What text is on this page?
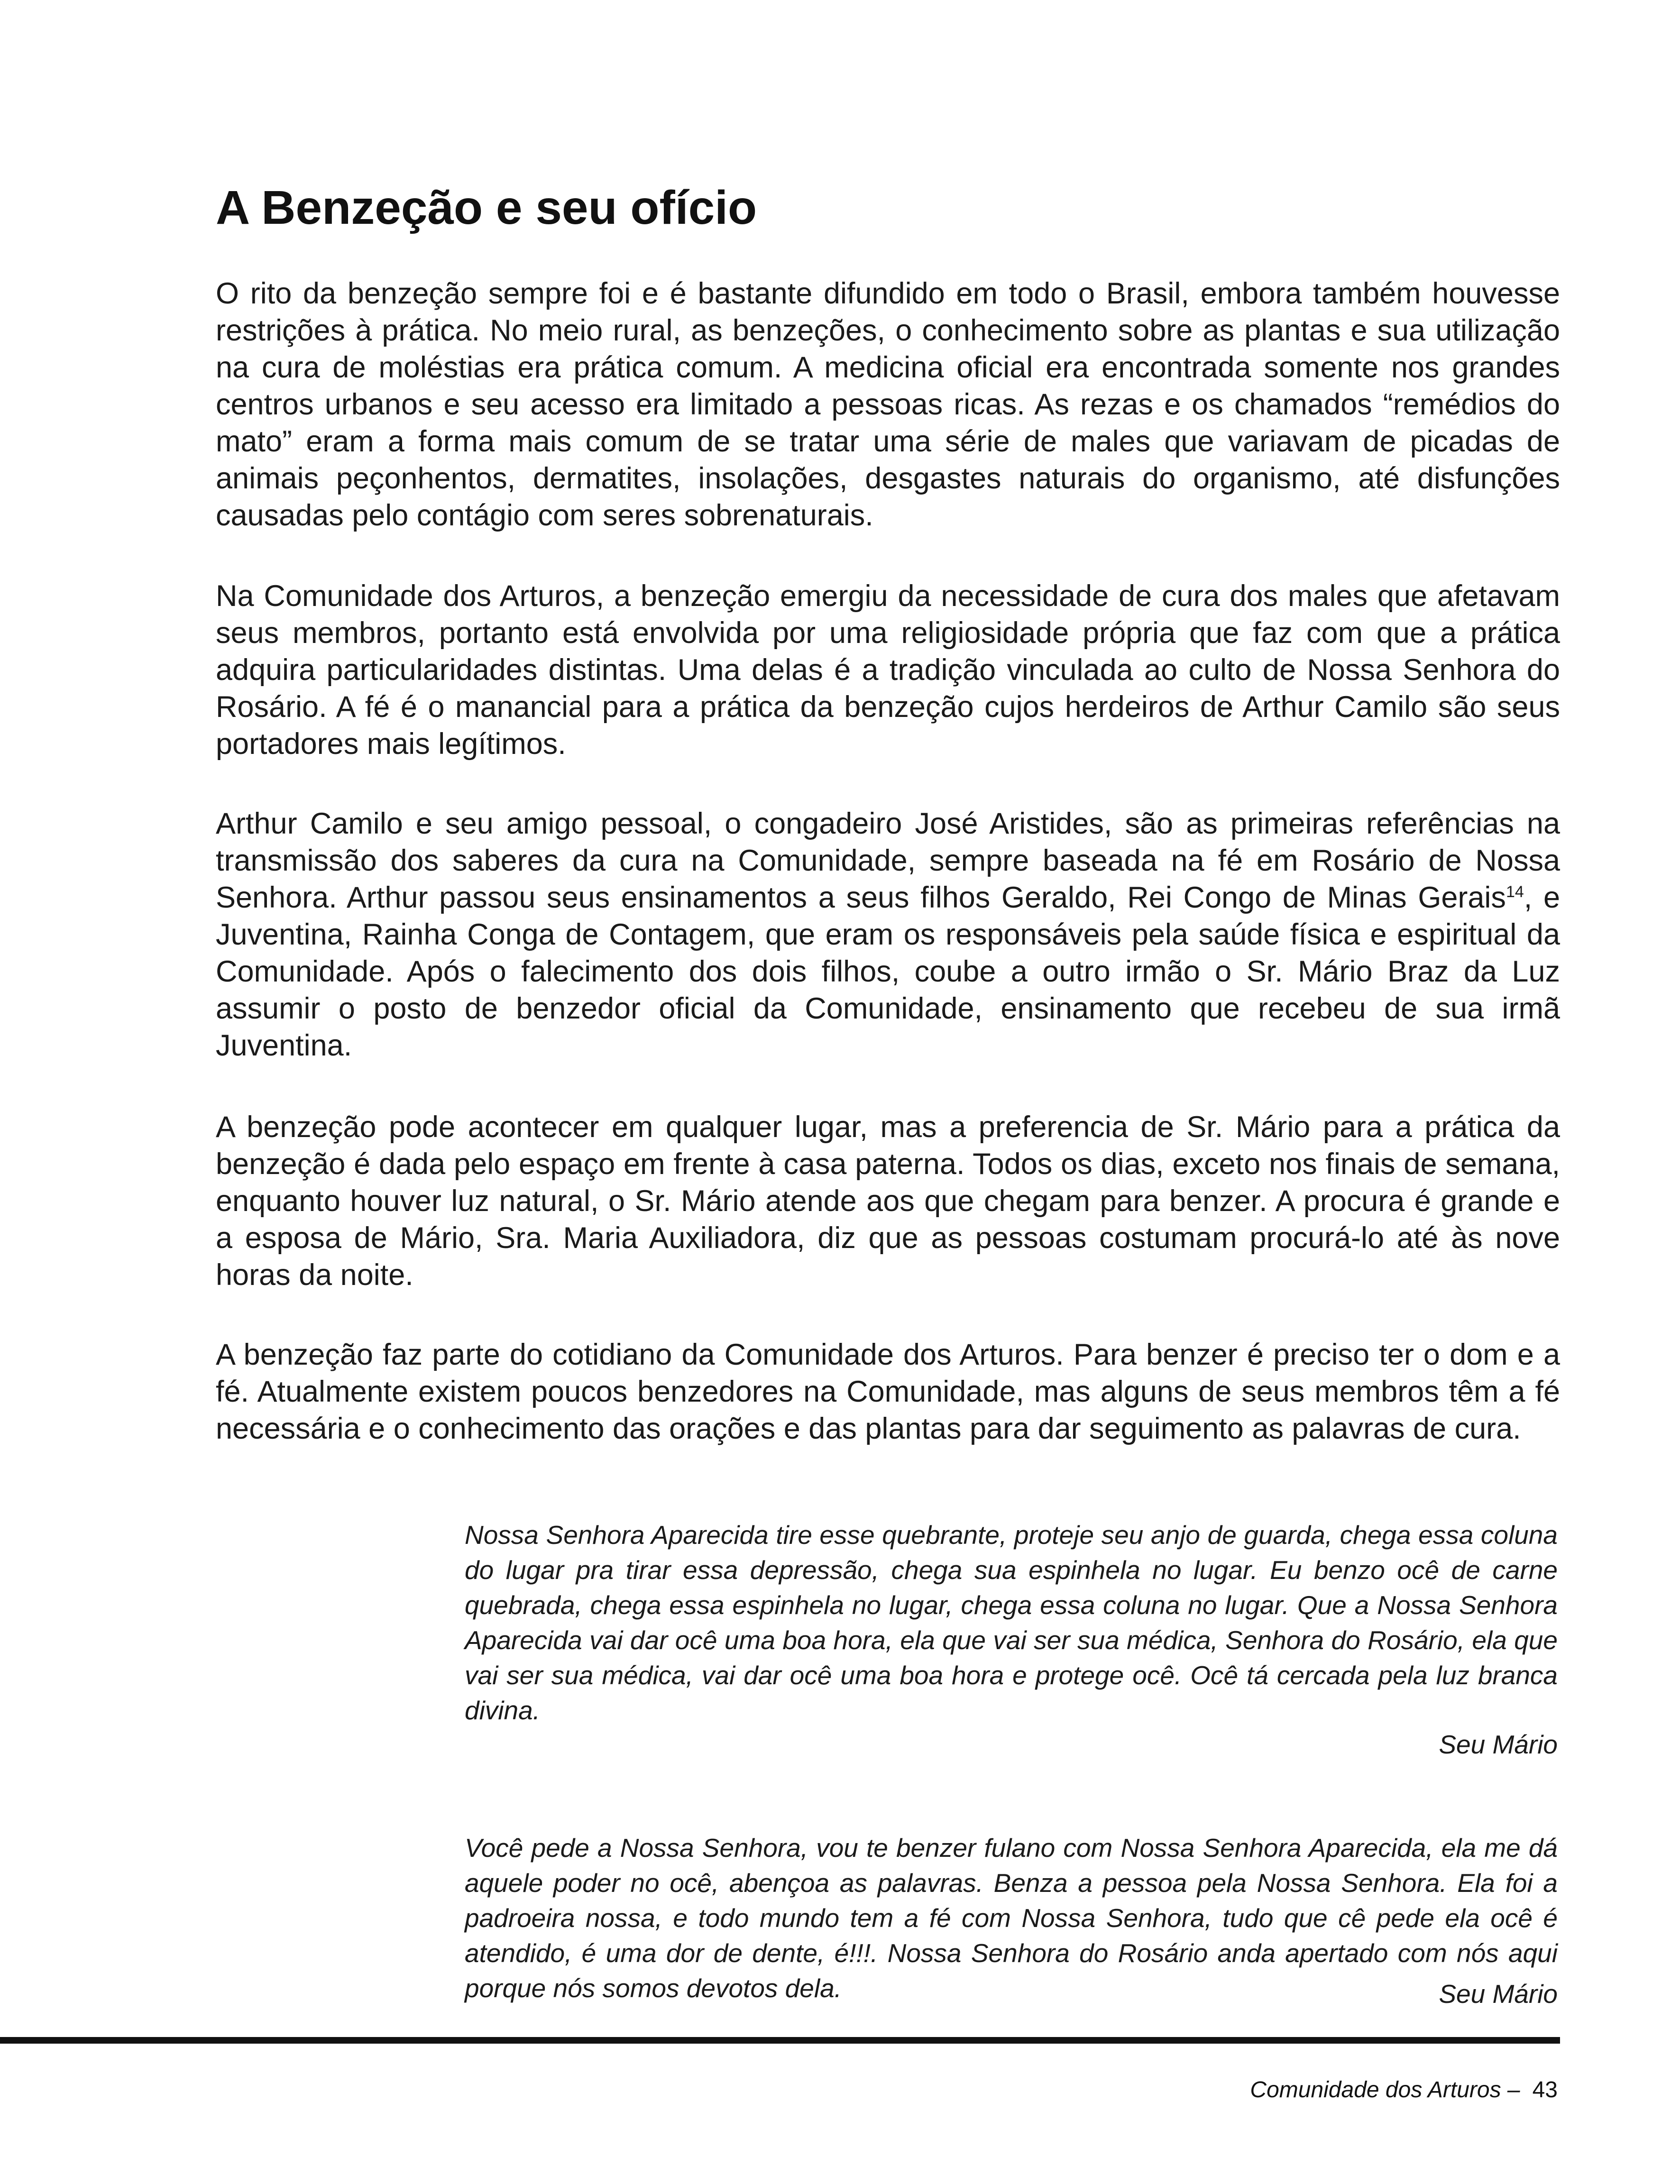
A Benzeção e seu ofício

O rito da benzeção sempre foi e é bastante difundido em todo o Brasil, embora também houvesse restrições à prática. No meio rural, as benzeções, o conhecimento sobre as plantas e sua utilização na cura de moléstias era prática comum. A medicina oficial era encontrada somente nos grandes centros urbanos e seu acesso era limitado a pessoas ricas. As rezas e os chamados “remédios do mato” eram a forma mais comum de se tratar uma série de males que variavam de picadas de animais peçonhentos, dermatites, insolações, desgastes naturais do organismo, até disfunções causadas pelo contágio com seres sobrenaturais.

Na Comunidade dos Arturos, a benzeção emergiu da necessidade de cura dos males que afetavam seus membros, portanto está envolvida por uma religiosidade própria que faz com que a prática adquira particularidades distintas. Uma delas é a tradição vinculada ao culto de Nossa Senhora do Rosário. A fé é o manancial para a prática da benzeção cujos herdeiros de Arthur Camilo são seus portadores mais legítimos.

Arthur Camilo e seu amigo pessoal, o congadeiro José Aristides, são as primeiras referências na transmissão dos saberes da cura na Comunidade, sempre baseada na fé em Rosário de Nossa Senhora. Arthur passou seus ensinamentos a seus filhos Geraldo, Rei Congo de Minas Gerais$^{14}$, e Juventina, Rainha Conga de Contagem, que eram os responsáveis pela saúde física e espiritual da Comunidade. Após o falecimento dos dois filhos, coube a outro irmão o Sr. Mário Braz da Luz assumir o posto de benzedor oficial da Comunidade, ensinamento que recebeu de sua irmã Juventina.

A benzeção pode acontecer em qualquer lugar, mas a preferencia de Sr. Mário para a prática da benzeção é dada pelo espaço em frente à casa paterna. Todos os dias, exceto nos finais de semana, enquanto houver luz natural, o Sr. Mário atende aos que chegam para benzer. A procura é grande e a esposa de Mário, Sra. Maria Auxiliadora, diz que as pessoas costumam procurá-lo até às nove horas da noite.

A benzeção faz parte do cotidiano da Comunidade dos Arturos. Para benzer é preciso ter o dom e a fé. Atualmente existem poucos benzedores na Comunidade, mas alguns de seus membros têm a fé necessária e o conhecimento das orações e das plantas para dar seguimento as palavras de cura.

Nossa Senhora Aparecida tire esse quebrante, proteje seu anjo de guarda, chega essa coluna do lugar pra tirar essa depressão, chega sua espinhela no lugar. Eu benzo ocê de carne quebrada, chega essa espinhela no lugar, chega essa coluna no lugar. Que a Nossa Senhora Aparecida vai dar ocê uma boa hora, ela que vai ser sua médica, Senhora do Rosário, ela que vai ser sua médica, vai dar ocê uma boa hora e protege ocê. Ocê tá cercada pela luz branca divina.

Seu Mário

Você pede a Nossa Senhora, vou te benzer fulano com Nossa Senhora Aparecida, ela me dá aquele poder no ocê, abençoa as palavras. Benza a pessoa pela Nossa Senhora. Ela foi a padroeira nossa, e todo mundo tem a fé com Nossa Senhora, tudo que cê pede ela ocê é atendido, é uma dor de dente, é!!!. Nossa Senhora do Rosário anda apertado com nós aqui porque nós somos devotos dela.	Seu Mário

Comunidade dos Arturos – 43
